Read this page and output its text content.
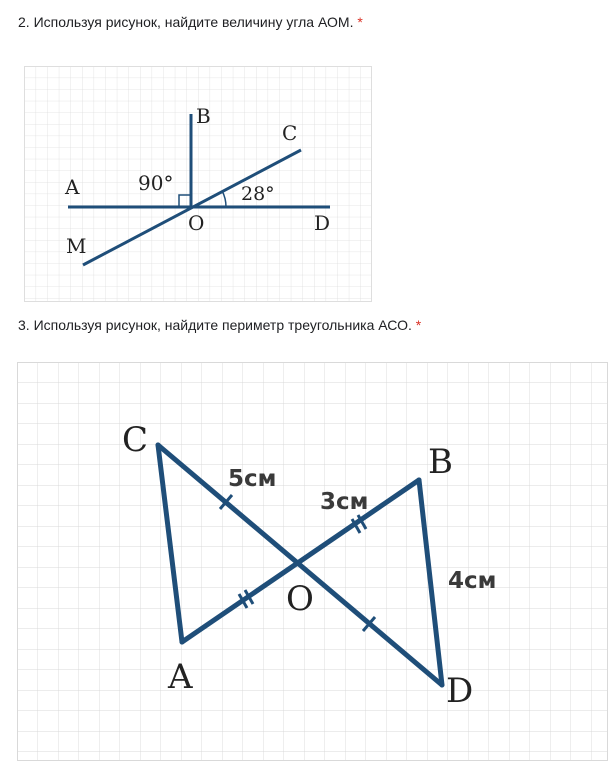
2. Используя рисунок, найдите величину угла АОМ. *
B
C
A	90°	28°
O	D
M
3. Используя рисунок, найдите периметр треугольника АСО. *
C
B
A	D
O
5см
3см
4см
